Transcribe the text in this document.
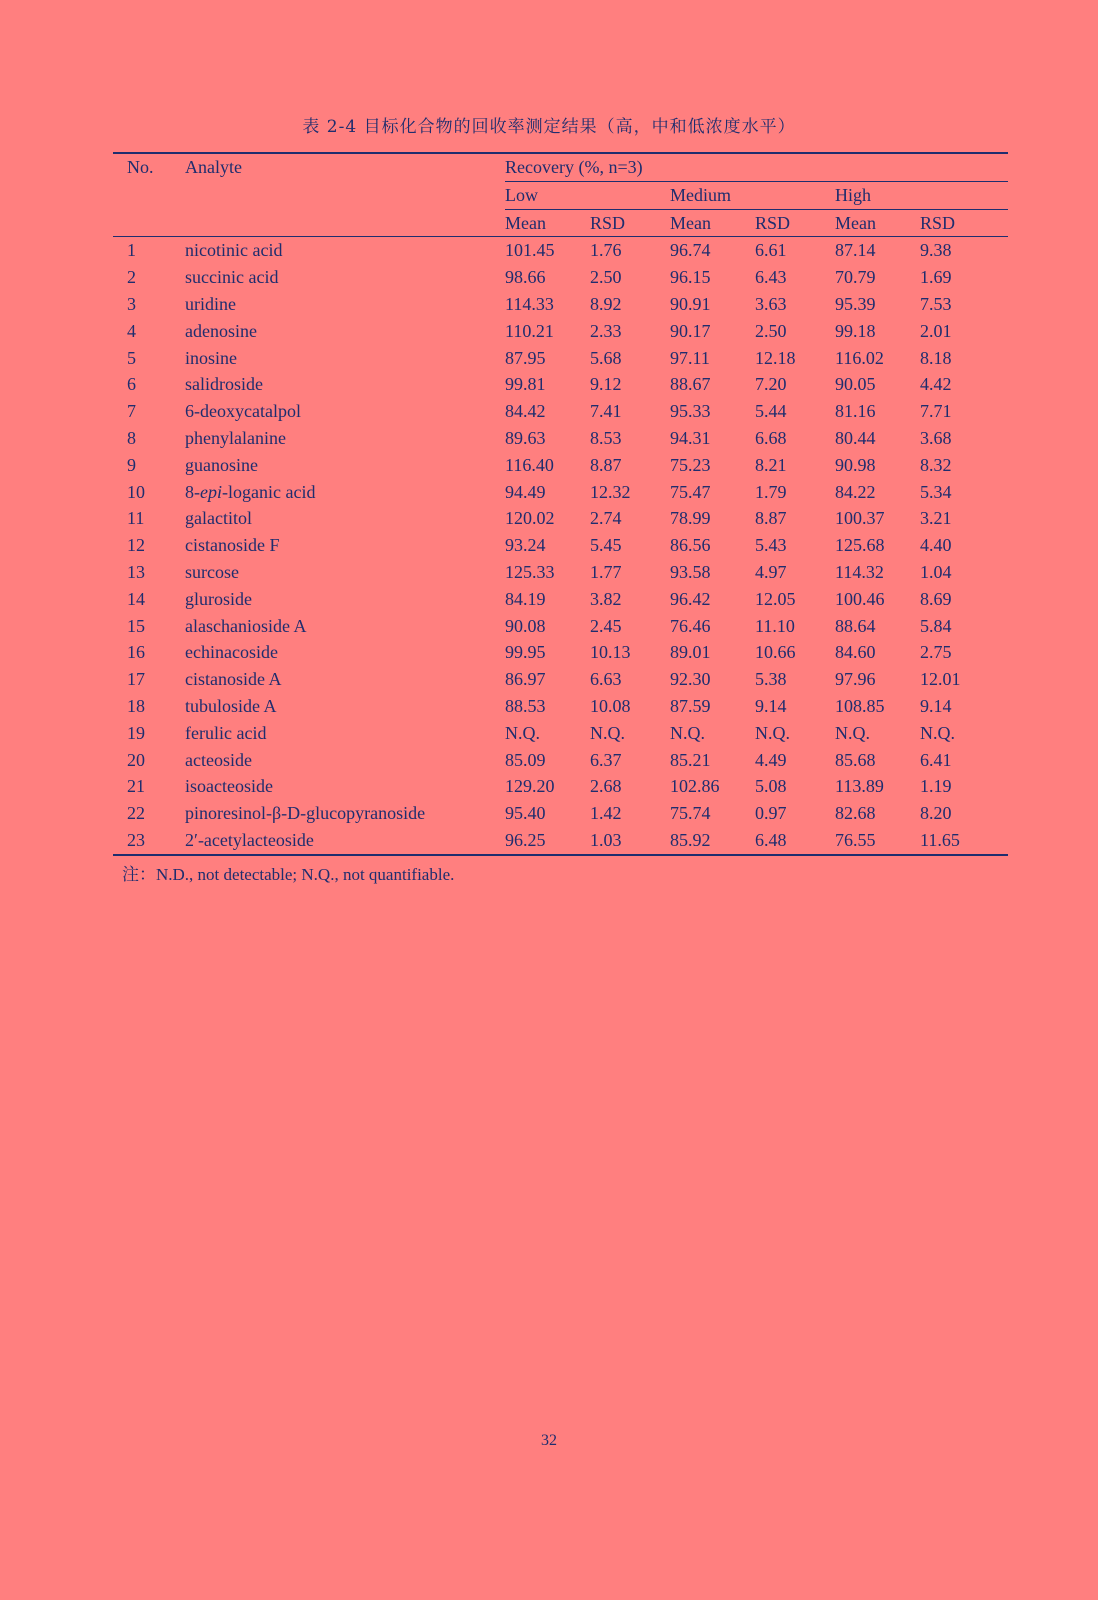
表 2-4 目标化合物的回收率测定结果（高，中和低浓度水平）
No.	Analyte	Recovery (%, n=3)					
		Low		Medium		High	
		Mean	RSD	Mean	RSD	Mean	RSD
1	nicotinic acid	101.45	1.76	96.74	6.61	87.14	9.38
2	succinic acid	98.66	2.50	96.15	6.43	70.79	1.69
3	uridine	114.33	8.92	90.91	3.63	95.39	7.53
4	adenosine	110.21	2.33	90.17	2.50	99.18	2.01
5	inosine	87.95	5.68	97.11	12.18	116.02	8.18
6	salidroside	99.81	9.12	88.67	7.20	90.05	4.42
7	6-deoxycatalpol	84.42	7.41	95.33	5.44	81.16	7.71
8	phenylalanine	89.63	8.53	94.31	6.68	80.44	3.68
9	guanosine	116.40	8.87	75.23	8.21	90.98	8.32
10	8-epi-loganic acid	94.49	12.32	75.47	1.79	84.22	5.34
11	galactitol	120.02	2.74	78.99	8.87	100.37	3.21
12	cistanoside F	93.24	5.45	86.56	5.43	125.68	4.40
13	surcose	125.33	1.77	93.58	4.97	114.32	1.04
14	gluroside	84.19	3.82	96.42	12.05	100.46	8.69
15	alaschanioside A	90.08	2.45	76.46	11.10	88.64	5.84
16	echinacoside	99.95	10.13	89.01	10.66	84.60	2.75
17	cistanoside A	86.97	6.63	92.30	5.38	97.96	12.01
18	tubuloside A	88.53	10.08	87.59	9.14	108.85	9.14
19	ferulic acid	N.Q.	N.Q.	N.Q.	N.Q.	N.Q.	N.Q.
20	acteoside	85.09	6.37	85.21	4.49	85.68	6.41
21	isoacteoside	129.20	2.68	102.86	5.08	113.89	1.19
22	pinoresinol-β-D-glucopyranoside	95.40	1.42	75.74	0.97	82.68	8.20
23	2′-acetylacteoside	96.25	1.03	85.92	6.48	76.55	11.65
注：N.D., not detectable; N.Q., not quantifiable.
32
